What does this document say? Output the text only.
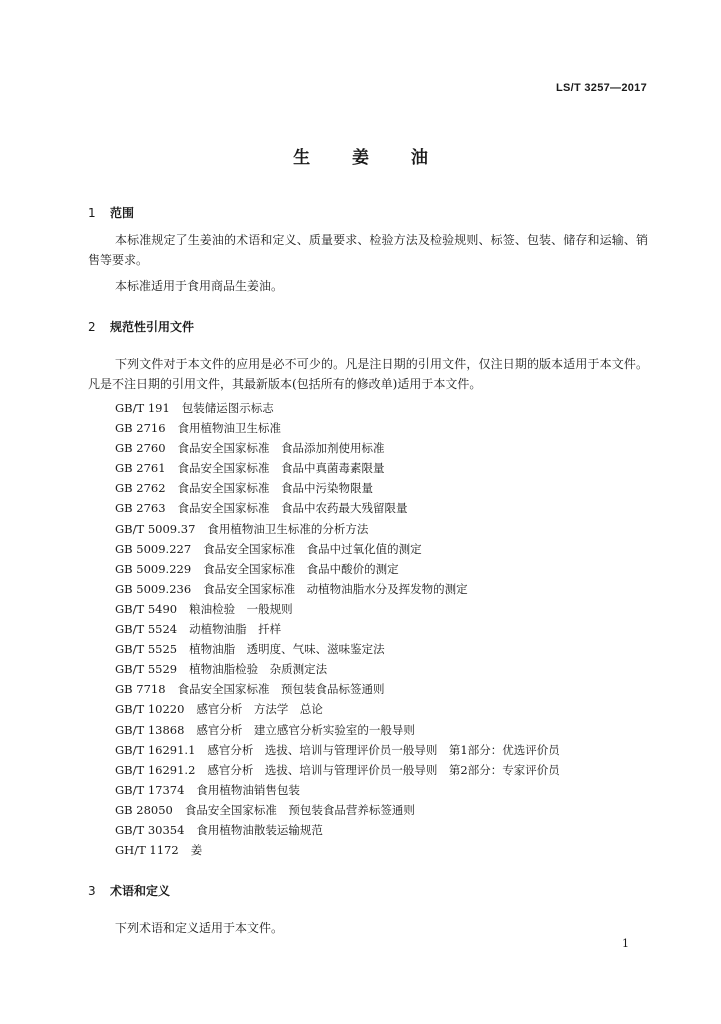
LS/T 3257—2017
生 姜 油
1 范围

本标准规定了生姜油的术语和定义、质量要求、检验方法及检验规则、标签、包装、储存和运输、销售等要求。

本标准适用于食用商品生姜油。

2 规范性引用文件

下列文件对于本文件的应用是必不可少的。凡是注日期的引用文件，仅注日期的版本适用于本文件。凡是不注日期的引用文件，其最新版本(包括所有的修改单)适用于本文件。

GB/T 191 包装储运图示标志
GB 2716 食用植物油卫生标准
GB 2760 食品安全国家标准　食品添加剂使用标准
GB 2761 食品安全国家标准　食品中真菌毒素限量
GB 2762 食品安全国家标准　食品中污染物限量
GB 2763 食品安全国家标准　食品中农药最大残留限量
GB/T 5009.37 食用植物油卫生标准的分析方法
GB 5009.227 食品安全国家标准　食品中过氧化值的测定
GB 5009.229 食品安全国家标准　食品中酸价的测定
GB 5009.236 食品安全国家标准　动植物油脂水分及挥发物的测定
GB/T 5490 粮油检验　一般规则
GB/T 5524 动植物油脂　扦样
GB/T 5525 植物油脂　透明度、气味、滋味鉴定法
GB/T 5529 植物油脂检验　杂质测定法
GB 7718 食品安全国家标准　预包装食品标签通则
GB/T 10220 感官分析　方法学　总论
GB/T 13868 感官分析　建立感官分析实验室的一般导则
GB/T 16291.1 感官分析　选拔、培训与管理评价员一般导则　第1部分：优选评价员
GB/T 16291.2 感官分析　选拔、培训与管理评价员一般导则　第2部分：专家评价员
GB/T 17374 食用植物油销售包装
GB 28050 食品安全国家标准　预包装食品营养标签通则
GB/T 30354 食用植物油散装运输规范
GH/T 1172 姜
3 术语和定义

下列术语和定义适用于本文件。

1
